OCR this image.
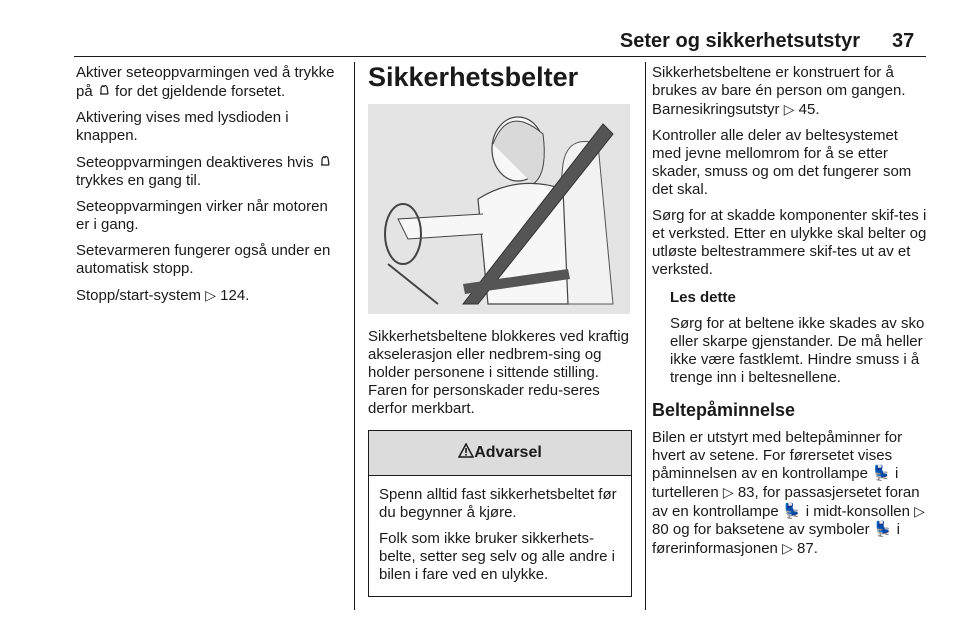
Seter og sikkerhetsutstyr 37

Aktiver seteoppvarmingen ved å trykke på  for det gjeldende forsetet.

Aktivering vises med lysdioden i knappen.

Seteoppvarmingen deaktiveres hvis  trykkes en gang til.

Seteoppvarmingen virker når motoren er i gang.

Setevarmeren fungerer også under en automatisk stopp.

Stopp/start-system ▷ 124.

Sikkerhetsbelter

Sikkerhetsbeltene blokkeres ved kraftig akselerasjon eller nedbrem-sing og holder personene i sittende stilling. Faren for personskader redu-seres derfor merkbart.

Advarsel

Spenn alltid fast sikkerhetsbeltet før du begynner å kjøre.

Folk som ikke bruker sikkerhets-belte, setter seg selv og alle andre i bilen i fare ved en ulykke.

Sikkerhetsbeltene er konstruert for å brukes av bare én person om gangen. Barnesikringsutstyr ▷ 45.

Kontroller alle deler av beltesystemet med jevne mellomrom for å se etter skader, smuss og om det fungerer som det skal.

Sørg for at skadde komponenter skif-tes i et verksted. Etter en ulykke skal belter og utløste beltestrammere skif-tes ut av et verksted.

Les dette

Sørg for at beltene ikke skades av sko eller skarpe gjenstander. De må heller ikke være fastklemt. Hindre smuss i å trenge inn i beltesnellene.

Beltepåminnelse

Bilen er utstyrt med beltepåminner for hvert av setene. For førersetet vises påminnelsen av en kontrollampe 💺 i turtelleren ▷ 83, for passasjersetet foran av en kontrollampe 💺 i midt-konsollen ▷ 80 og for baksetene av symboler 💺 i førerinformasjonen ▷ 87.
